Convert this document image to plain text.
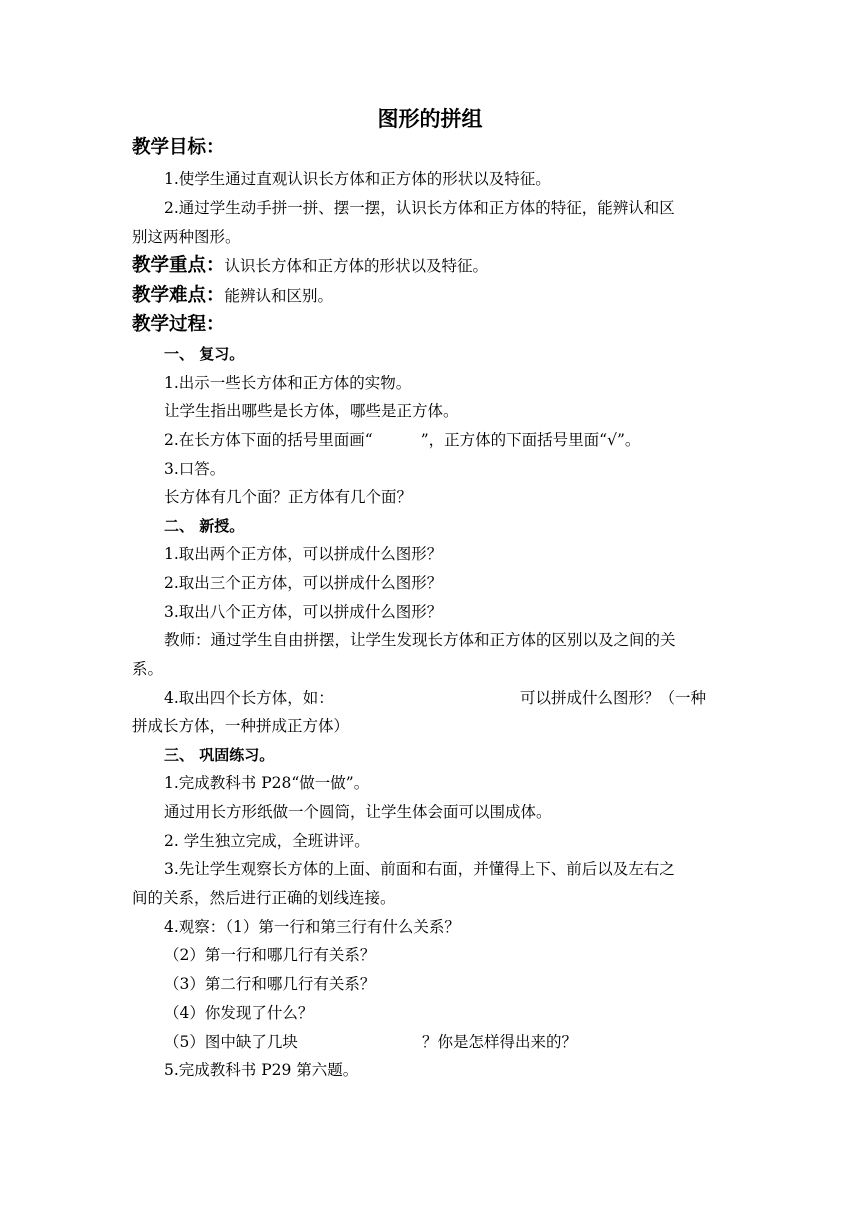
图形的拼组
教学目标：
1.使学生通过直观认识长方体和正方体的形状以及特征。
2.通过学生动手拼一拼、摆一摆，认识长方体和正方体的特征，能辨认和区
别这两种图形。
教学重点：认识长方体和正方体的形状以及特征。
教学难点：能辨认和区别。
教学过程：
一、 复习。
1.出示一些长方体和正方体的实物。
让学生指出哪些是长方体，哪些是正方体。
2.在长方体下面的括号里面画“	”，正方体的下面括号里面“√”。
3.口答。
长方体有几个面？正方体有几个面？
二、 新授。
1.取出两个正方体，可以拼成什么图形？
2.取出三个正方体，可以拼成什么图形？
3.取出八个正方体，可以拼成什么图形？
教师：通过学生自由拼摆，让学生发现长方体和正方体的区别以及之间的关
系。
4.取出四个长方体，如：	可以拼成什么图形？（一种
拼成长方体，一种拼成正方体）
三、 巩固练习。
1.完成教科书 P28“做一做”。
通过用长方形纸做一个圆筒，让学生体会面可以围成体。
2. 学生独立完成，全班讲评。
3.先让学生观察长方体的上面、前面和右面，并懂得上下、前后以及左右之
间的关系，然后进行正确的划线连接。
4.观察：（1）第一行和第三行有什么关系？
（2）第一行和哪几行有关系？
（3）第二行和哪几行有关系？
（4）你发现了什么？
（5）图中缺了几块	？你是怎样得出来的？
5.完成教科书 P29 第六题。
